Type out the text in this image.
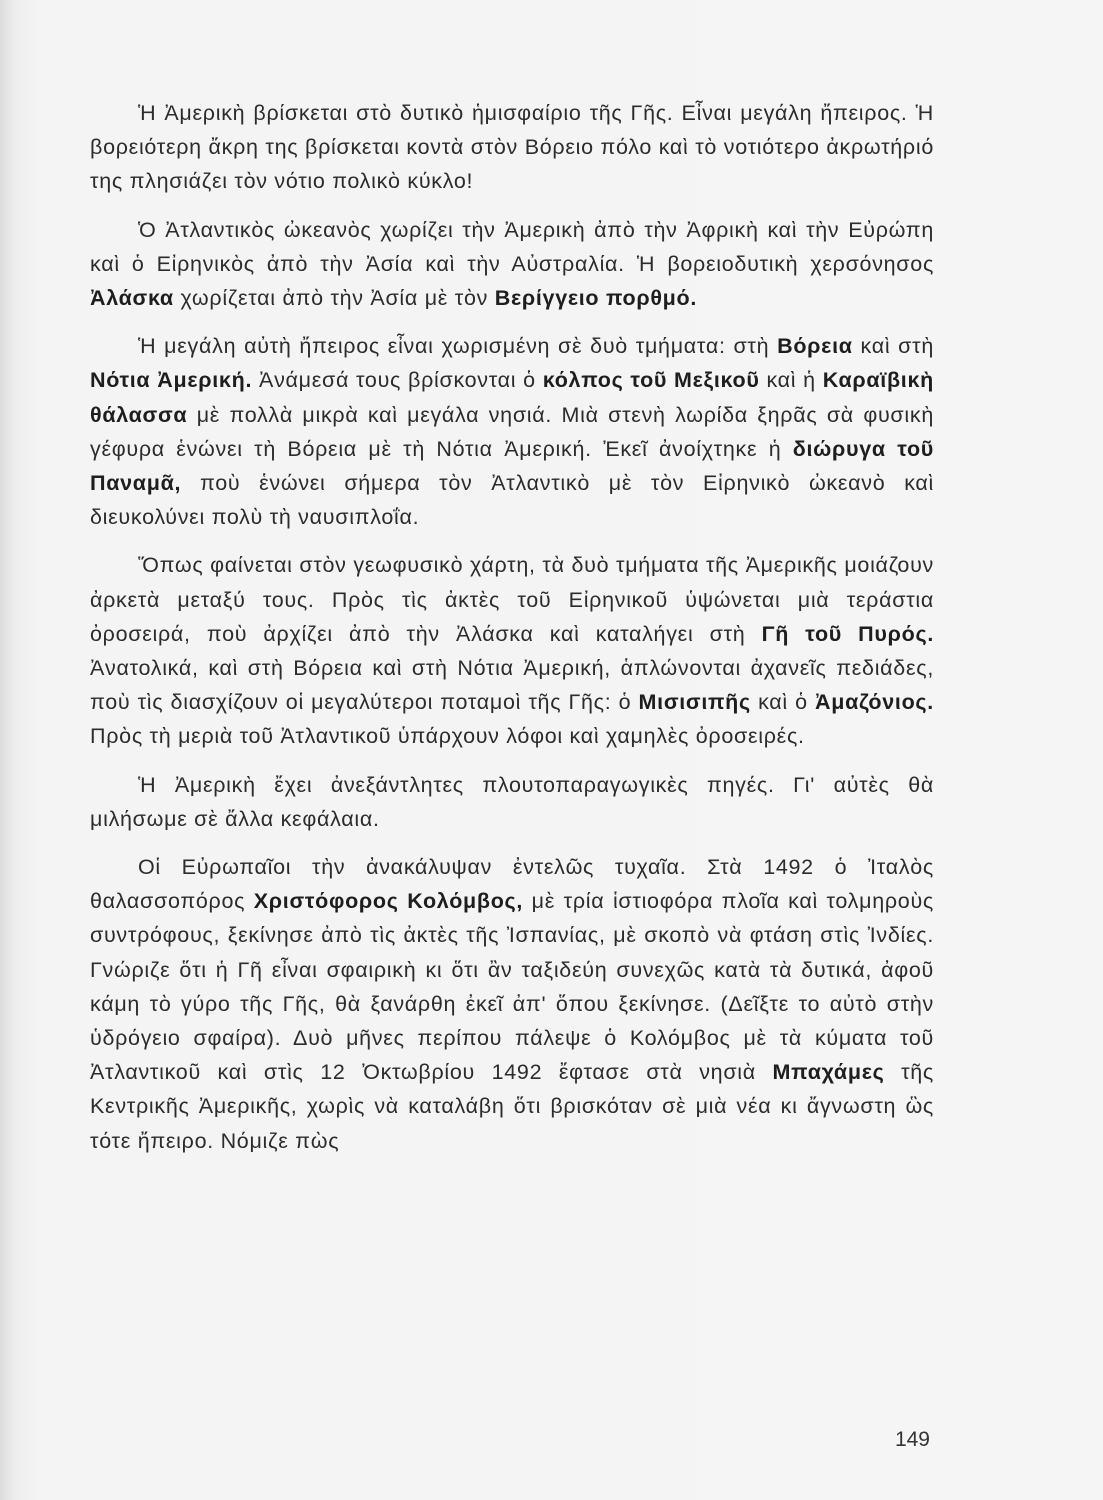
Ἡ Ἀμερικὴ βρίσκεται στὸ δυτικὸ ἡμισφαίριο τῆς Γῆς. Εἶναι μεγάλη ἤπειρος. Ἡ βορειότερη ἄκρη της βρίσκεται κοντὰ στὸν Βόρειο πόλο καὶ τὸ νοτιότερο ἀκρωτήριό της πλησιάζει τὸν νότιο πολικὸ κύκλο!

Ὁ Ἀτλαντικὸς ὠκεανὸς χωρίζει τὴν Ἀμερικὴ ἀπὸ τὴν Ἀφρικὴ καὶ τὴν Εὐρώπη καὶ ὁ Εἰρηνικὸς ἀπὸ τὴν Ἀσία καὶ τὴν Αὐστραλία. Ἡ βορειοδυτικὴ χερσόνησος Ἀλάσκα χωρίζεται ἀπὸ τὴν Ἀσία μὲ τὸν Βερίγγειο πορθμό.

Ἡ μεγάλη αὐτὴ ἤπειρος εἶναι χωρισμένη σὲ δυὸ τμήματα: στὴ Βόρεια καὶ στὴ Νότια Ἀμερική. Ἀνάμεσά τους βρίσκονται ὁ κόλπος τοῦ Μεξικοῦ καὶ ἡ Καραϊβικὴ θάλασσα μὲ πολλὰ μικρὰ καὶ μεγάλα νησιά. Μιὰ στενὴ λωρίδα ξηρᾶς σὰ φυσικὴ γέφυρα ἑνώνει τὴ Βόρεια μὲ τὴ Νότια Ἀμερική. Ἐκεῖ ἀνοίχτηκε ἡ διώρυγα τοῦ Παναμᾶ, ποὺ ἑνώνει σήμερα τὸν Ἀτλαντικὸ μὲ τὸν Εἰρηνικὸ ὠκεανὸ καὶ διευκολύνει πολὺ τὴ ναυσιπλοΐα.

Ὅπως φαίνεται στὸν γεωφυσικὸ χάρτη, τὰ δυὸ τμήματα τῆς Ἀμερικῆς μοιάζουν ἀρκετὰ μεταξύ τους. Πρὸς τὶς ἀκτὲς τοῦ Εἰρηνικοῦ ὑψώνεται μιὰ τεράστια ὀροσειρά, ποὺ ἀρχίζει ἀπὸ τὴν Ἀλάσκα καὶ καταλήγει στὴ Γῆ τοῦ Πυρός. Ἀνατολικά, καὶ στὴ Βόρεια καὶ στὴ Νότια Ἀμερική, ἁπλώνονται ἀχανεῖς πεδιάδες, ποὺ τὶς διασχίζουν οἱ μεγαλύτεροι ποταμοὶ τῆς Γῆς: ὁ Μισισιπῆς καὶ ὁ Ἀμαζόνιος. Πρὸς τὴ μεριὰ τοῦ Ἀτλαντικοῦ ὑπάρχουν λόφοι καὶ χαμηλὲς ὀροσειρές.

Ἡ Ἀμερικὴ ἔχει ἀνεξάντλητες πλουτοπαραγωγικὲς πηγές. Γι' αὐτὲς θὰ μιλήσωμε σὲ ἄλλα κεφάλαια.

Οἱ Εὐρωπαῖοι τὴν ἀνακάλυψαν ἐντελῶς τυχαῖα. Στὰ 1492 ὁ Ἰταλὸς θαλασσοπόρος Χριστόφορος Κολόμβος, μὲ τρία ἱστιοφόρα πλοῖα καὶ τολμηροὺς συντρόφους, ξεκίνησε ἀπὸ τὶς ἀκτὲς τῆς Ἰσπανίας, μὲ σκοπὸ νὰ φτάση στὶς Ἰνδίες. Γνώριζε ὅτι ἡ Γῆ εἶναι σφαιρικὴ κι ὅτι ἂν ταξιδεύη συνεχῶς κατὰ τὰ δυτικά, ἀφοῦ κάμη τὸ γύρο τῆς Γῆς, θὰ ξανάρθη ἐκεῖ ἀπ' ὅπου ξεκίνησε. (Δεῖξτε το αὐτὸ στὴν ὑδρόγειο σφαίρα). Δυὸ μῆνες περίπου πάλεψε ὁ Κολόμβος μὲ τὰ κύματα τοῦ Ἀτλαντικοῦ καὶ στὶς 12 Ὀκτωβρίου 1492 ἔφτασε στὰ νησιὰ Μπαχάμες τῆς Κεντρικῆς Ἀμερικῆς, χωρὶς νὰ καταλάβη ὅτι βρισκόταν σὲ μιὰ νέα κι ἄγνωστη ὣς τότε ἤπειρο. Νόμιζε πὼς

149
